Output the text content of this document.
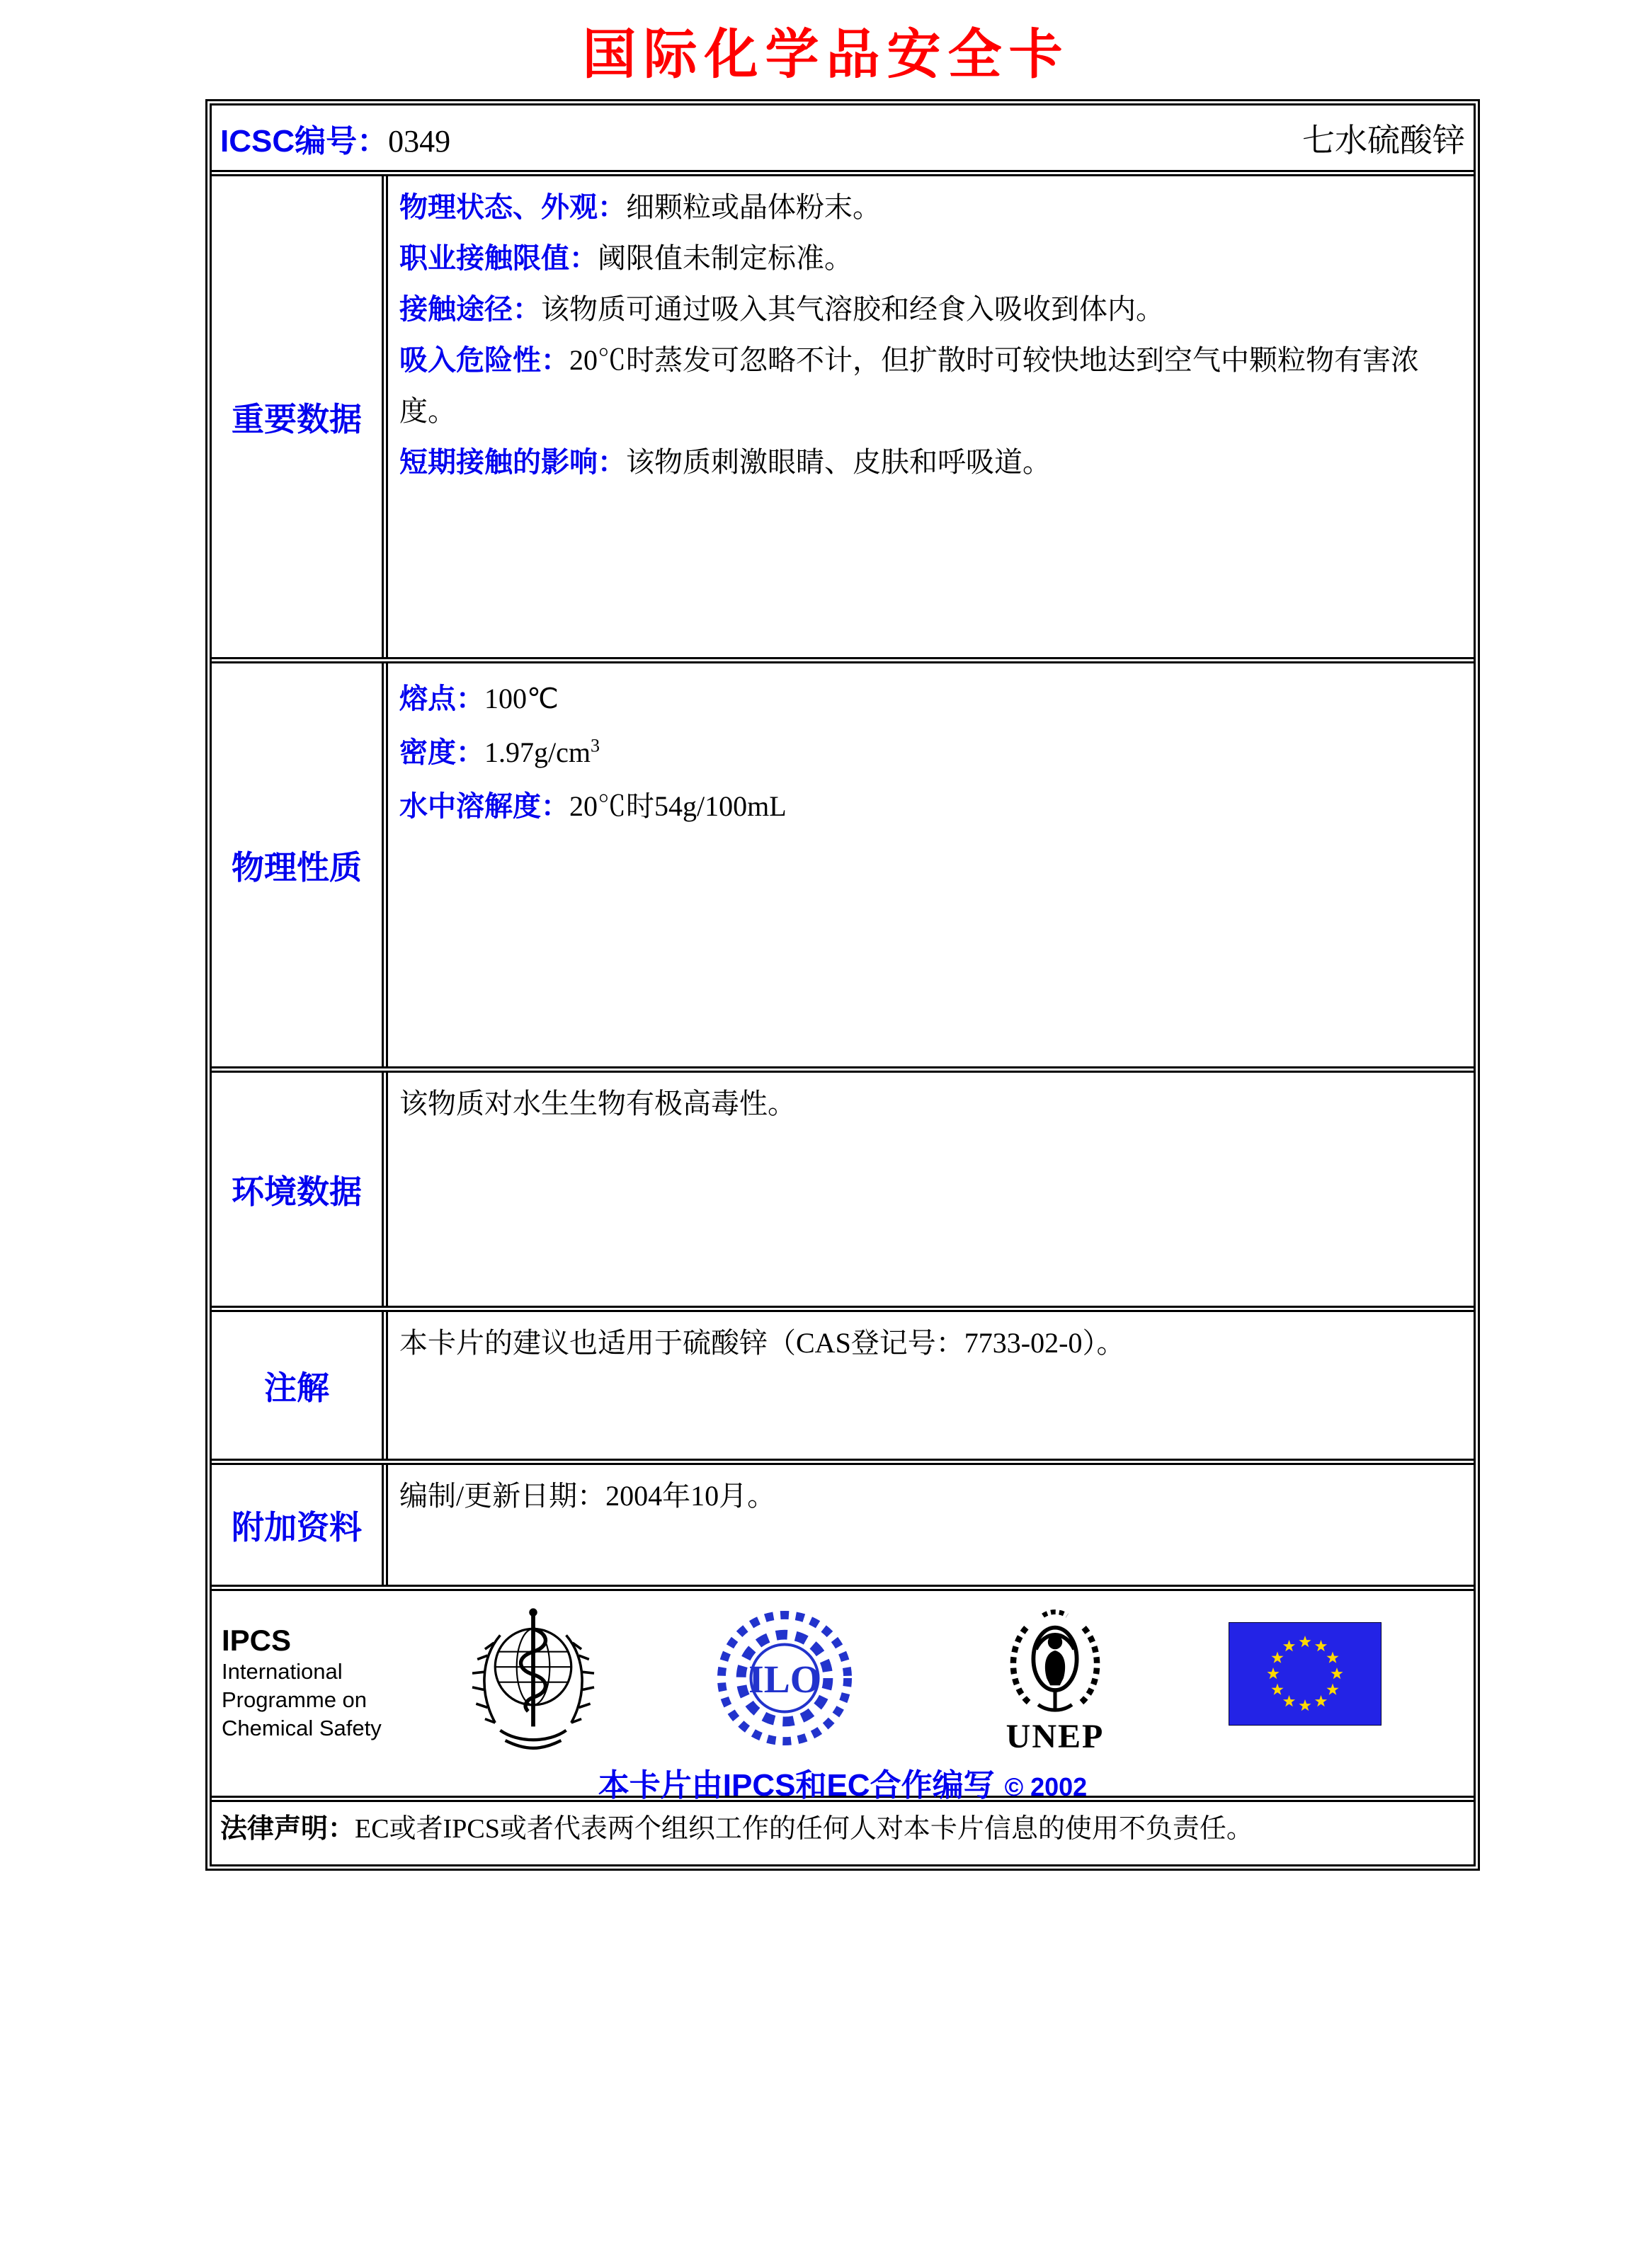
国际化学品安全卡
ICSC编号：0349	七水硫酸锌
重要数据
物理状态、外观：细颗粒或晶体粉末。
职业接触限值：阈限值未制定标准。
接触途径：该物质可通过吸入其气溶胶和经食入吸收到体内。
吸入危险性：20℃时蒸发可忽略不计，但扩散时可较快地达到空气中颗粒物有害浓度。
短期接触的影响：该物质刺激眼睛、皮肤和呼吸道。
物理性质
熔点：100℃
密度：$1.97g/cm^3$
水中溶解度：20℃时54g/100mL
环境数据
该物质对水生生物有极高毒性。
注解
本卡片的建议也适用于硫酸锌（CAS登记号：7733-02-0）。
附加资料
编制/更新日期：2004年10月。
IPCS
International
Programme on
Chemical Safety
ILO
UNEP
本卡片由IPCS和EC合作编写 © 2002
法律声明：EC或者IPCS或者代表两个组织工作的任何人对本卡片信息的使用不负责任。
